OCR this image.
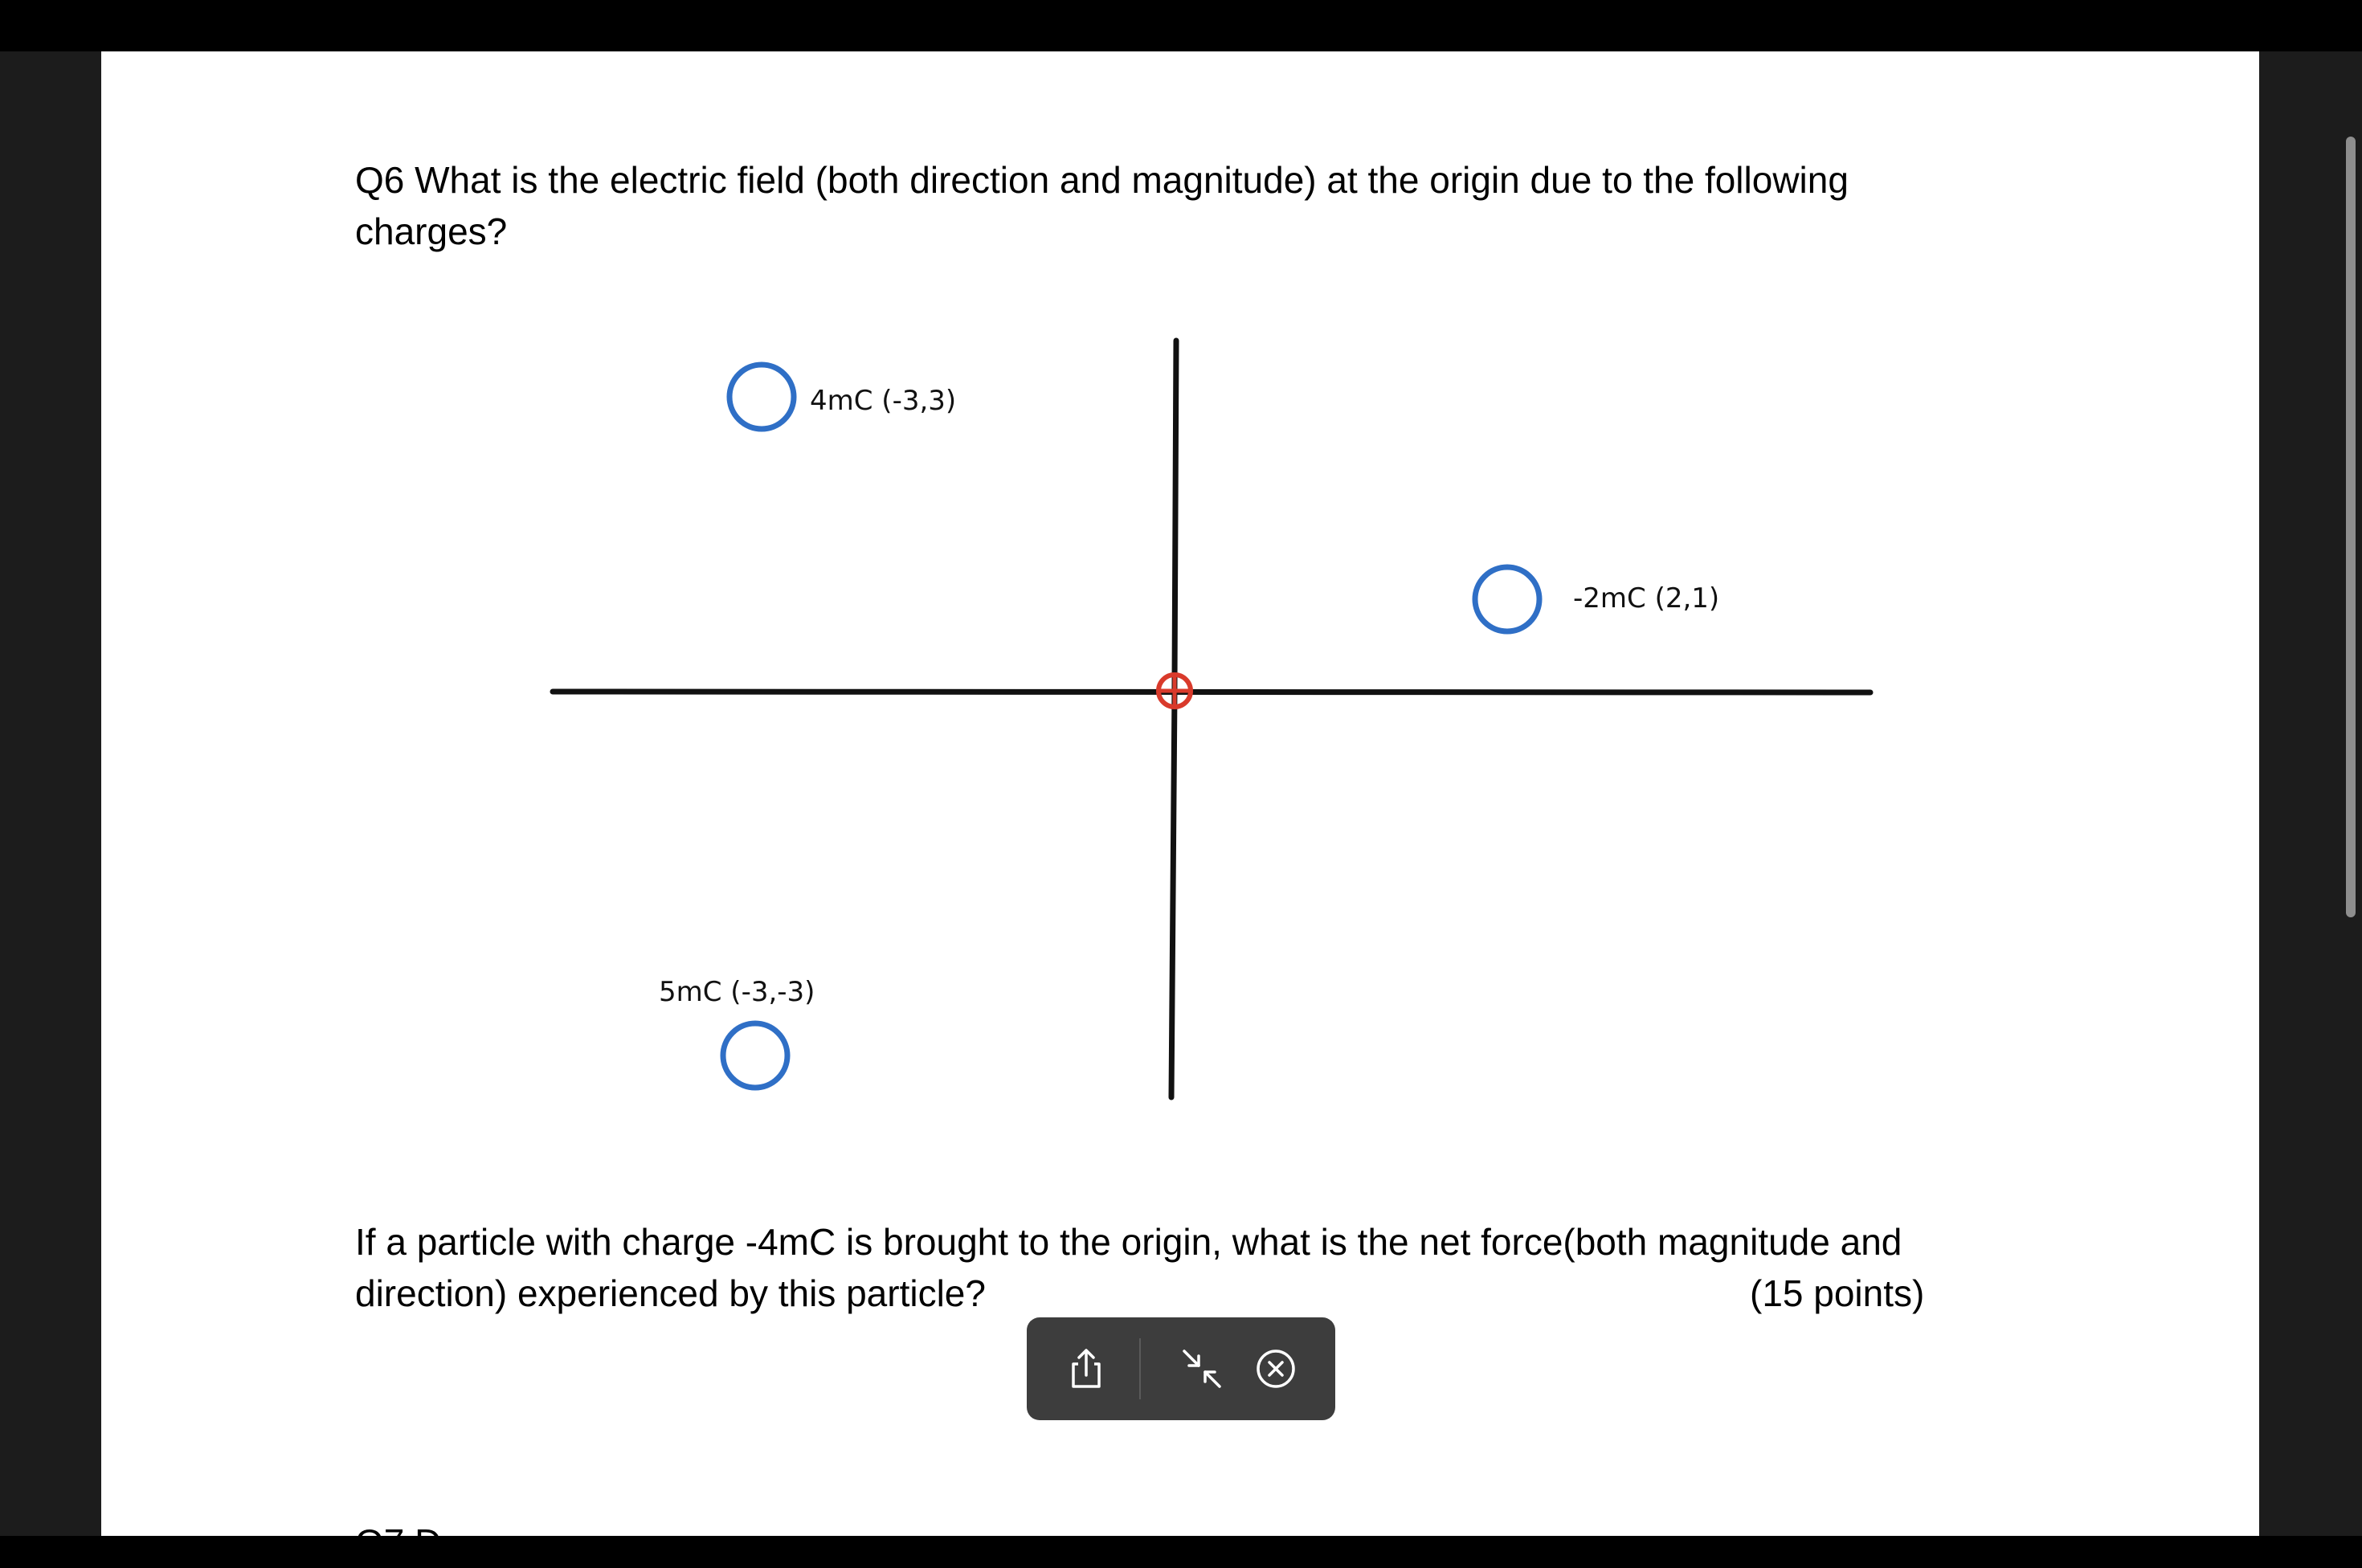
Q6 What is the electric field (both direction and magnitude) at the origin due to the following
charges?
4mC (-3,3)
-2mC (2,1)
5mC (-3,-3)
If a particle with charge -4mC is brought to the origin, what is the net force(both magnitude and
direction) experienced by this particle?	(15 points)
Q7 D
